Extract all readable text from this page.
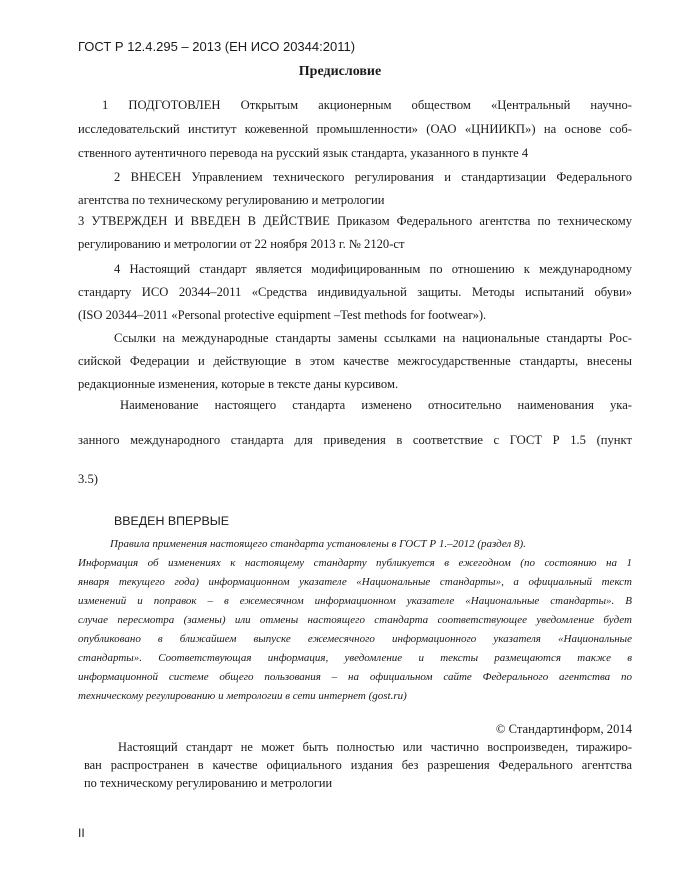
ГОСТ Р 12.4.295 – 2013 (ЕН ИСО 20344:2011)
Предисловие
1 ПОДГОТОВЛЕН Открытым акционерным обществом «Центральный научно-
исследовательский институт кожевенной промышленности» (ОАО «ЦНИИКП») на основе соб-
ственного аутентичного перевода на русский язык стандарта, указанного в пункте 4
2 ВНЕСЕН Управлением технического регулирования и стандартизации Федерального
агентства по техническому регулированию и метрологии
3 УТВЕРЖДЕН И ВВЕДЕН В ДЕЙСТВИЕ Приказом Федерального агентства по техническому
регулированию и метрологии от 22 ноября 2013 г. № 2120-ст
4 Настоящий стандарт является модифицированным по отношению к международному
стандарту ИСО 20344–2011 «Средства индивидуальной защиты. Методы испытаний обуви»
(ISO 20344–2011 «Personal protective equipment –Test methods for footwear»).
Ссылки на международные стандарты замены ссылками на национальные стандарты Рос-
сийской Федерации и действующие в этом качестве межгосударственные стандарты, внесены
редакционные изменения, которые в тексте даны курсивом.
Наименование настоящего стандарта изменено относительно наименования ука-
занного международного стандарта для приведения в соответствие с ГОСТ Р 1.5 (пункт
3.5)
ВВЕДЕН ВПЕРВЫЕ
Правила применения настоящего стандарта установлены в ГОСТ Р 1.–2012 (раздел 8).
Информация об изменениях к настоящему стандарту публикуется в ежегодном (по состоянию на 1
января текущего года) информационном указателе «Национальные стандарты», а официальный текст
изменений и поправок – в ежемесячном информационном указателе «Национальные стандарты». В
случае пересмотра (замены) или отмены настоящего стандарта соответствующее уведомление будет
опубликовано в ближайшем выпуске ежемесячного информационного указателя «Национальные
стандарты». Соответствующая информация, уведомление и тексты размещаются также в
информационной системе общего пользования – на официальном сайте Федерального агентства по
техническому регулированию и метрологии в сети интернет (gost.ru)
© Стандартинформ, 2014
Настоящий стандарт не может быть полностью или частично воспроизведен, тиражиро-
ван распространен в качестве официального издания без разрешения Федерального агентства
по техническому регулированию и метрологии
II
